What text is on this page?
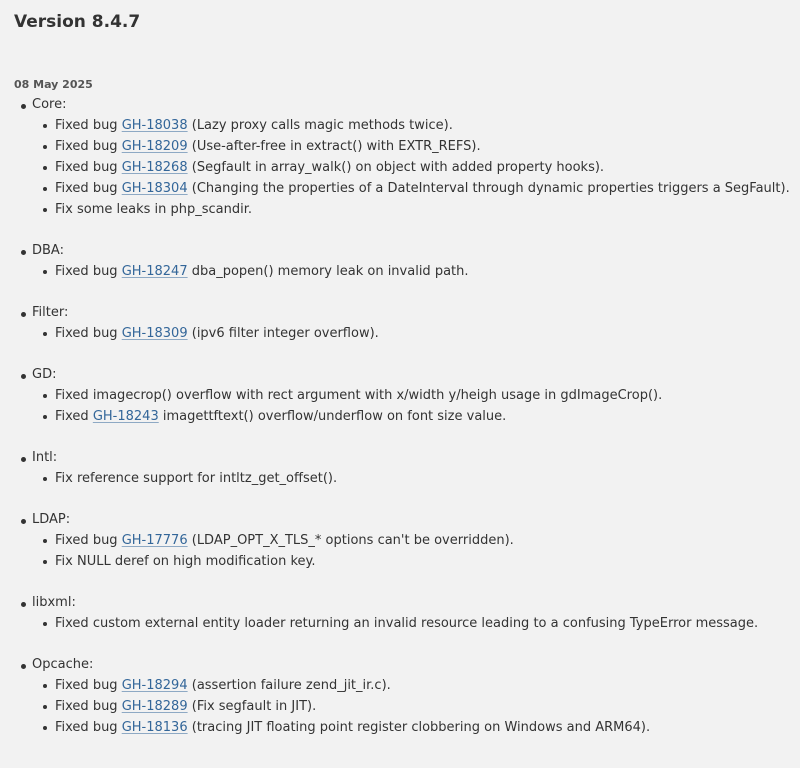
Version 8.4.7
08 May 2025
Core:
Fixed bug GH-18038 (Lazy proxy calls magic methods twice).
Fixed bug GH-18209 (Use-after-free in extract() with EXTR_REFS).
Fixed bug GH-18268 (Segfault in array_walk() on object with added property hooks).
Fixed bug GH-18304 (Changing the properties of a DateInterval through dynamic properties triggers a SegFault).
Fix some leaks in php_scandir.
DBA:
Fixed bug GH-18247 dba_popen() memory leak on invalid path.
Filter:
Fixed bug GH-18309 (ipv6 filter integer overflow).
GD:
Fixed imagecrop() overflow with rect argument with x/width y/heigh usage in gdImageCrop().
Fixed GH-18243 imagettftext() overflow/underflow on font size value.
Intl:
Fix reference support for intltz_get_offset().
LDAP:
Fixed bug GH-17776 (LDAP_OPT_X_TLS_* options can't be overridden).
Fix NULL deref on high modification key.
libxml:
Fixed custom external entity loader returning an invalid resource leading to a confusing TypeError message.
Opcache:
Fixed bug GH-18294 (assertion failure zend_jit_ir.c).
Fixed bug GH-18289 (Fix segfault in JIT).
Fixed bug GH-18136 (tracing JIT floating point register clobbering on Windows and ARM64).
